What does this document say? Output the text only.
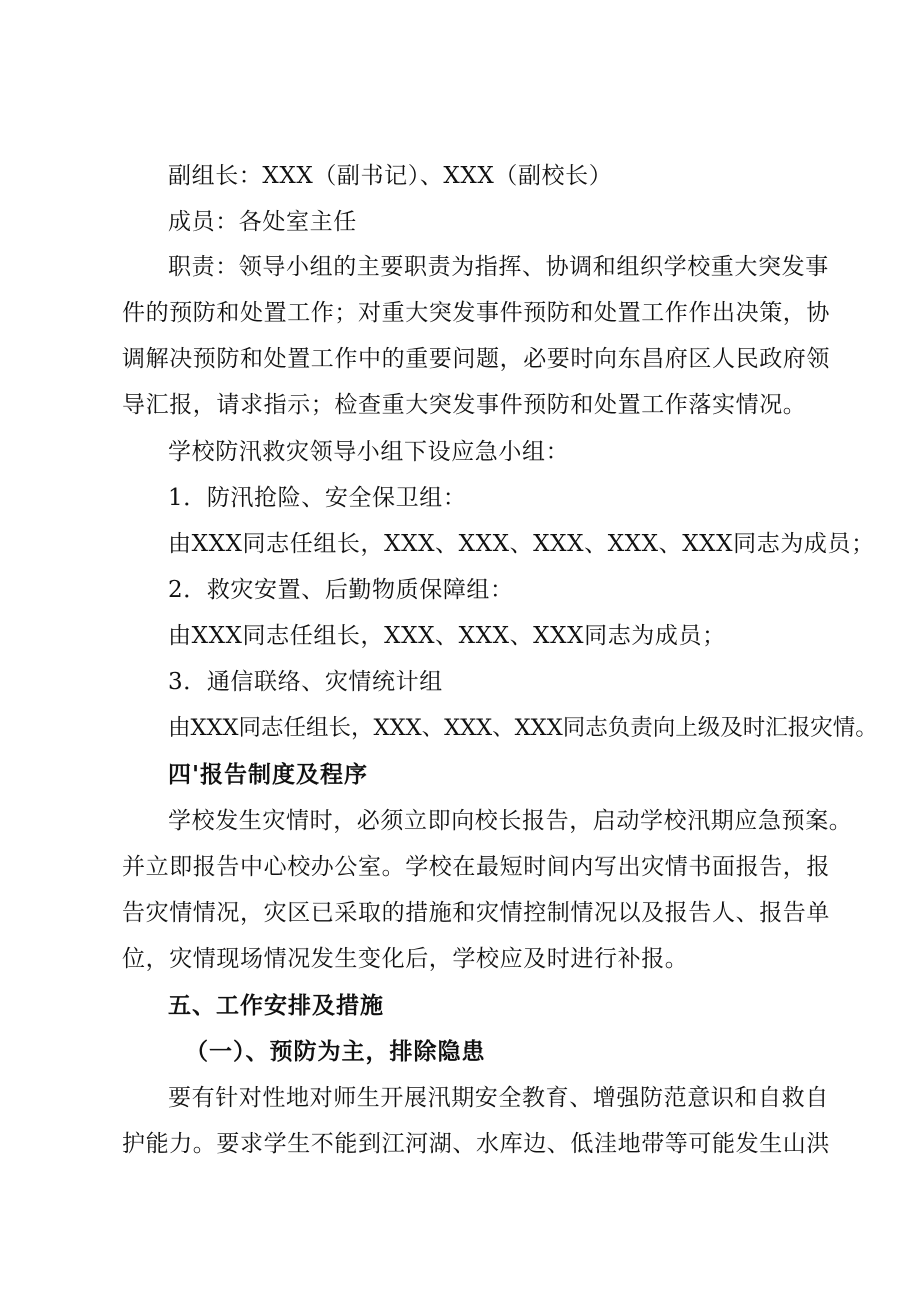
副组长：XXX（副书记）、XXX（副校长）
成员：各处室主任
职责：领导小组的主要职责为指挥、协调和组织学校重大突发事
件的预防和处置工作；对重大突发事件预防和处置工作作出决策，协
调解决预防和处置工作中的重要问题，必要时向东昌府区人民政府领
导汇报，请求指示；检查重大突发事件预防和处置工作落实情况。
学校防汛救灾领导小组下设应急小组：
1．防汛抢险、安全保卫组：
由XXX同志任组长，XXX、XXX、XXX、XXX、XXX同志为成员；
2．救灾安置、后勤物质保障组：
由XXX同志任组长，XXX、XXX、XXX同志为成员；
3．通信联络、灾情统计组
由XXX同志任组长，XXX、XXX、XXX同志负责向上级及时汇报灾情。
四'报告制度及程序
学校发生灾情时，必须立即向校长报告，启动学校汛期应急预案。
并立即报告中心校办公室。学校在最短时间内写出灾情书面报告，报
告灾情情况，灾区已采取的措施和灾情控制情况以及报告人、报告单
位，灾情现场情况发生变化后，学校应及时进行补报。
五、工作安排及措施
（一）、预防为主，排除隐患
要有针对性地对师生开展汛期安全教育、增强防范意识和自救自
护能力。要求学生不能到江河湖、水库边、低洼地带等可能发生山洪
